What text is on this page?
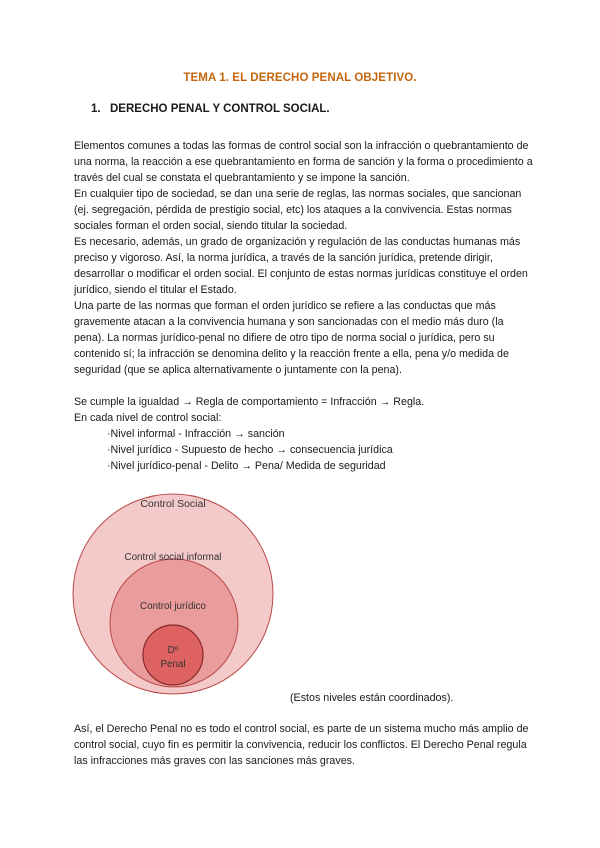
TEMA 1. EL DERECHO PENAL OBJETIVO.
1. DERECHO PENAL Y CONTROL SOCIAL.

Elementos comunes a todas las formas de control social son la infracción o quebrantamiento de una norma, la reacción a ese quebrantamiento en forma de sanción y la forma o procedimiento a través del cual se constata el quebrantamiento y se impone la sanción.

En cualquier tipo de sociedad, se dan una serie de reglas, las normas sociales, que sancionan (ej. segregación, pérdida de prestigio social, etc) los ataques a la convivencia. Estas normas sociales forman el orden social, siendo titular la sociedad.

Es necesario, además, un grado de organización y regulación de las conductas humanas más preciso y vigoroso. Así, la norma jurídica, a través de la sanción jurídica, pretende dirigir, desarrollar o modificar el orden social. El conjunto de estas normas jurídicas constituye el orden jurídico, siendo el titular el Estado.

Una parte de las normas que forman el orden jurídico se refiere a las conductas que más gravemente atacan a la convivencia humana y son sancionadas con el medio más duro (la pena). La normas jurídico-penal no difiere de otro tipo de norma social o jurídica, pero su contenido sí; la infracción se denomina delito y la reacción frente a ella, pena y/o medida de seguridad (que se aplica alternativamente o juntamente con la pena).

Se cumple la igualdad → Regla de comportamiento = Infracción → Regla.

En cada nivel de control social:

·Nivel informal - Infracción → sanción

·Nivel jurídico - Supuesto de hecho → consecuencia jurídica

·Nivel jurídico-penal - Delito → Pena/ Medida de seguridad

Control Social
Control social informal
Control jurídico
Dº
Penal
(Estos niveles están coordinados).

Así, el Derecho Penal no es todo el control social, es parte de un sistema mucho más amplio de control social, cuyo fin es permitir la convivencia, reducir los conflictos. El Derecho Penal regula las infracciones más graves con las sanciones más graves.
